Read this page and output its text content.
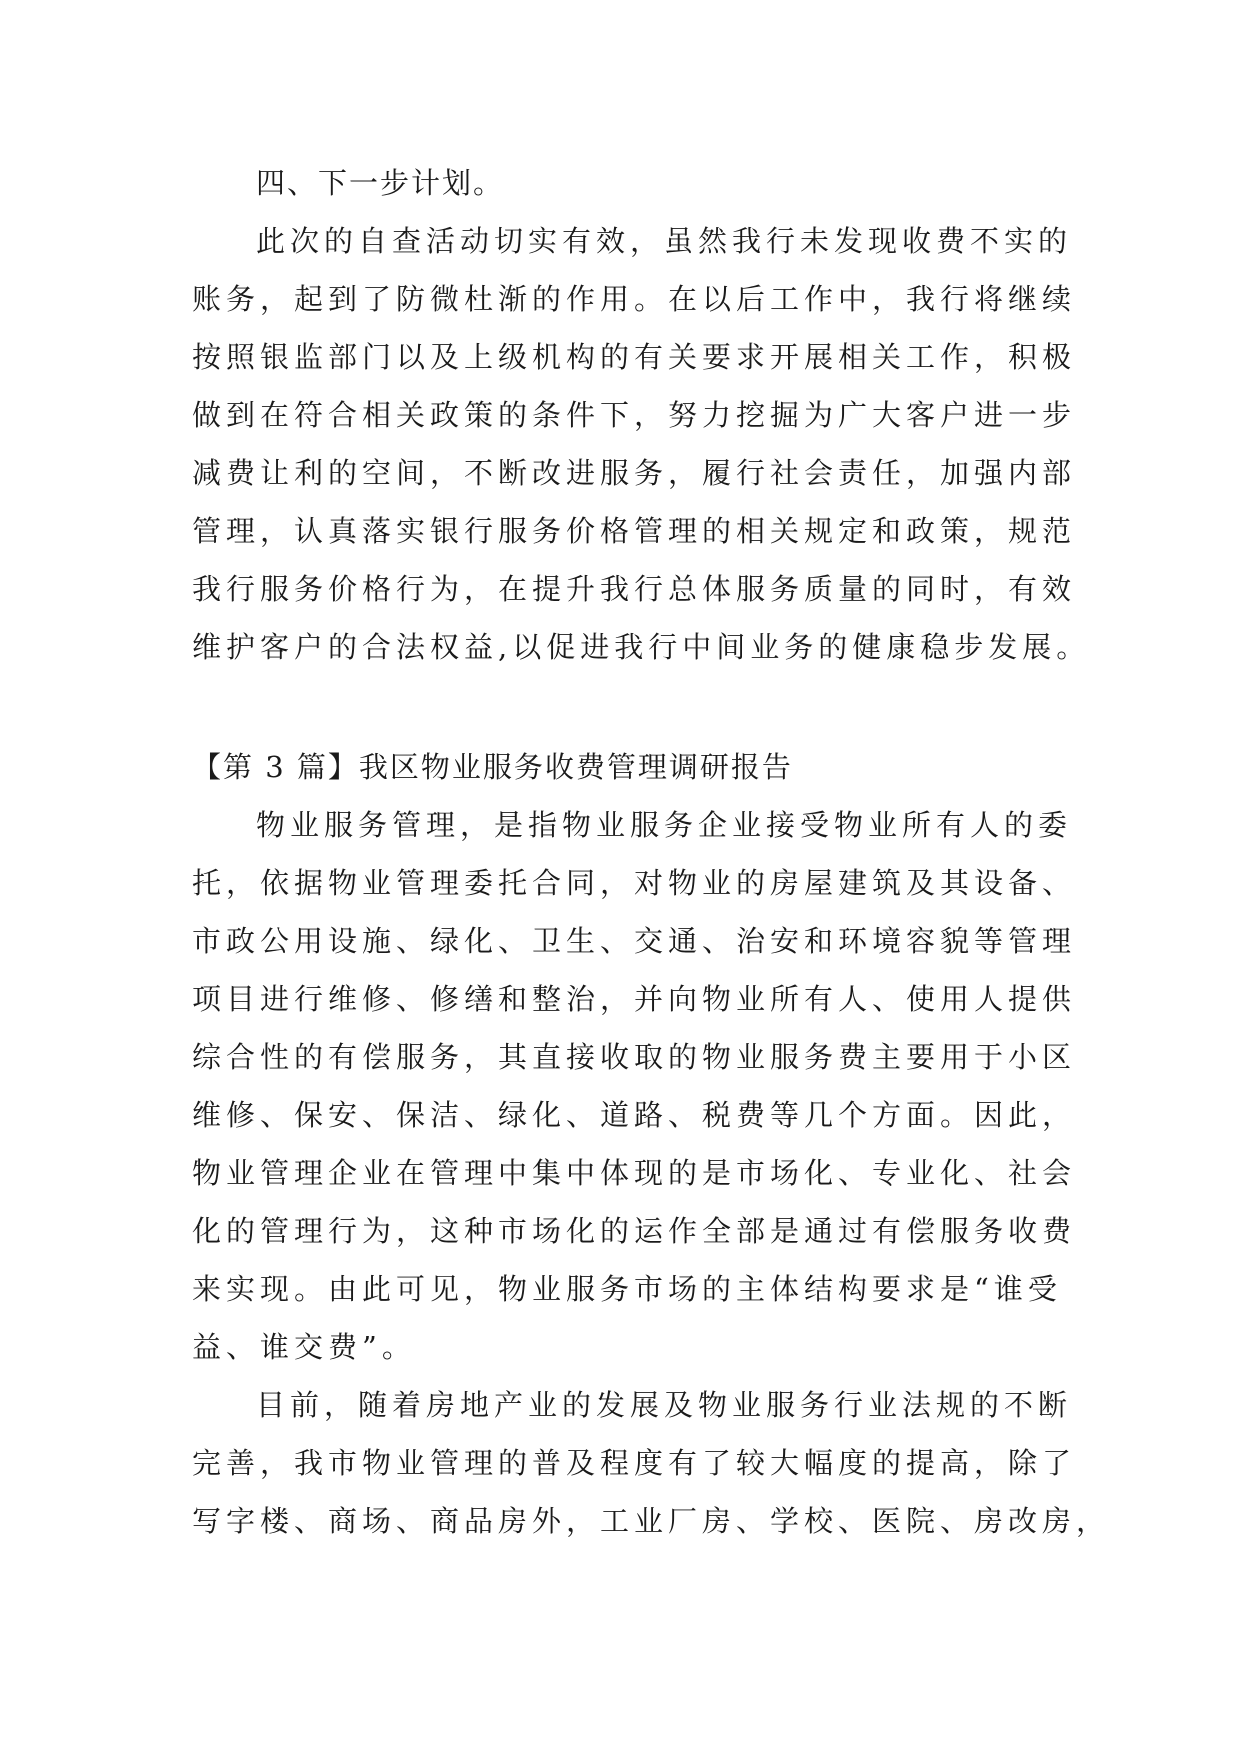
四、下一步计划。
此次的自查活动切实有效，虽然我行未发现收费不实的
账务，起到了防微杜渐的作用。在以后工作中，我行将继续
按照银监部门以及上级机构的有关要求开展相关工作，积极
做到在符合相关政策的条件下，努力挖掘为广大客户进一步
减费让利的空间，不断改进服务，履行社会责任，加强内部
管理，认真落实银行服务价格管理的相关规定和政策，规范
我行服务价格行为，在提升我行总体服务质量的同时，有效
维护客户的合法权益,以促进我行中间业务的健康稳步发展。
【第 3 篇】我区物业服务收费管理调研报告
物业服务管理，是指物业服务企业接受物业所有人的委
托，依据物业管理委托合同，对物业的房屋建筑及其设备、
市政公用设施、绿化、卫生、交通、治安和环境容貌等管理
项目进行维修、修缮和整治，并向物业所有人、使用人提供
综合性的有偿服务，其直接收取的物业服务费主要用于小区
维修、保安、保洁、绿化、道路、税费等几个方面。因此，
物业管理企业在管理中集中体现的是市场化、专业化、社会
化的管理行为，这种市场化的运作全部是通过有偿服务收费
来实现。由此可见，物业服务市场的主体结构要求是“谁受
益、谁交费”。
目前，随着房地产业的发展及物业服务行业法规的不断
完善，我市物业管理的普及程度有了较大幅度的提高，除了
写字楼、商场、商品房外，工业厂房、学校、医院、房改房，
